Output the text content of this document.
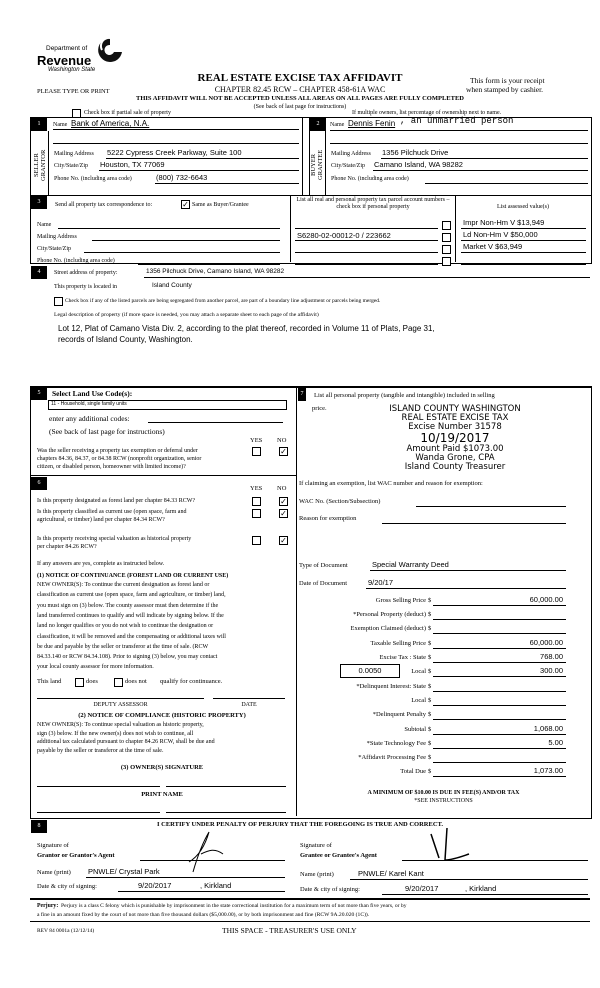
Department of
Revenue
Washington State
REAL ESTATE EXCISE TAX AFFIDAVIT
PLEASE TYPE OR PRINT	CHAPTER 82.45 RCW – CHAPTER 458-61A WAC
This form is your receipt
when stamped by cashier.
THIS AFFIDAVIT WILL NOT BE ACCEPTED UNLESS ALL AREAS ON ALL PAGES ARE FULLY COMPLETED
(See back of last page for instructions)
Check box if partial sale of property	If multiple owners, list percentage of ownership next to name.
1
SELLER GRANTOR
Name Bank of America, N.A.
Mailing Address 5222 Cypress Creek Parkway, Suite 100
City/State/Zip Houston, TX 77069
Phone No. (including area code)	(800) 732-6643
2
BUYER GRANTEE
Name Dennis Fenin , an unmarried person
Mailing Address 1356 Pilchuck Drive
City/State/Zip Camano Island, WA 98282
Phone No. (including area code)
3	Send all property tax correspondence to:	✓ Same as Buyer/Grantee
Name
Mailing Address
City/State/Zip
Phone No. (including area code)
List all real and personal property tax parcel account numbers – check box if personal property
S6280-02-00012-0 / 223662
List assessed value(s)
Impr Non-Hm V $13,949
Ld Non-Hm V $50,000
Market V $63,949
4	Street address of property:	1356 Pilchuck Drive, Camano Island, WA 98282
This property is located in	Island County
Check box if any of the listed parcels are being segregated from another parcel, are part of a boundary line adjustment or parcels being merged.
Legal description of property (if more space is needed, you may attach a separate sheet to each page of the affidavit)
Lot 12, Plat of Camano Vista Div. 2, according to the plat thereof, recorded in Volume 11 of Plats, Page 31,
records of Island County, Washington.
5	Select Land Use Code(s):
11 - Household, single family units
enter any additional codes:
(See back of last page for instructions)
YES NO
Was the seller receiving a property tax exemption or deferral under
chapters 84.36, 84.37, or 84.38 RCW (nonprofit organization, senior
citizen, or disabled person, homeowner with limited income)?
✓
6
YES NO
Is this property designated as forest land per chapter 84.33 RCW?	✓
Is this property classified as current use (open space, farm and
agricultural, or timber) land per chapter 84.34 RCW?
✓
Is this property receiving special valuation as historical property
per chapter 84.26 RCW?
✓
If any answers are yes, complete as instructed below.
(1) NOTICE OF CONTINUANCE (FOREST LAND OR CURRENT USE)
NEW OWNER(S): To continue the current designation as forest land or
classification as current use (open space, farm and agriculture, or timber) land,
you must sign on (3) below. The county assessor must then determine if the
land transferred continues to qualify and will indicate by signing below. If the
land no longer qualifies or you do not wish to continue the designation or
classification, it will be removed and the compensating or additional taxes will
be due and payable by the seller or transferor at the time of sale. (RCW
84.33.140 or RCW 84.34.108). Prior to signing (3) below, you may contact
your local county assessor for more information.
This land	does	does not qualify for continuance.
DEPUTY ASSESSOR	DATE
(2) NOTICE OF COMPLIANCE (HISTORIC PROPERTY)
NEW OWNER(S): To continue special valuation as historic property,
sign (3) below. If the new owner(s) does not wish to continue, all
additional tax calculated pursuant to chapter 84.26 RCW, shall be due and
payable by the seller or transferor at the time of sale.
(3) OWNER(S) SIGNATURE
PRINT NAME
7	List all personal property (tangible and intangible) included in selling
price.	ISLAND COUNTY WASHINGTON
REAL ESTATE EXCISE TAX
Excise Number 31578
10/19/2017
Amount Paid $1073.00
Wanda Grone, CPA
Island County Treasurer
If claiming an exemption, list WAC number and reason for exemption:
WAC No. (Section/Subsection)
Reason for exemption
Type of Document	Special Warranty Deed
Date of Document	9/20/17
0.0050
Gross Selling Price $	60,000.00
*Personal Property (deduct) $
Exemption Claimed (deduct) $
Taxable Selling Price $	60,000.00
Excise Tax : State $	768.00
Local $	300.00
*Delinquent Interest: State $
Local $
*Delinquent Penalty $
Subtotal $	1,068.00
*State Technology Fee $	5.00
*Affidavit Processing Fee $
Total Due $	1,073.00
A MINIMUM OF $10.00 IS DUE IN FEE(S) AND/OR TAX
*SEE INSTRUCTIONS
8	I CERTIFY UNDER PENALTY OF PERJURY THAT THE FOREGOING IS TRUE AND CORRECT.
Signature of
Grantor or Grantor's Agent
Name (print) PNWLE/ Crystal Park
Date & city of signing:	9/20/2017	, Kirkland
Signature of
Grantee or Grantee's Agent
Name (print)	PNWLE/ Karel Kant
Date & city of signing:	9/20/2017	, Kirkland
Perjury: Perjury is a class C felony which is punishable by imprisonment in the state correctional institution for a maximum term of not more than five years, or by
a fine in an amount fixed by the court of not more than five thousand dollars ($5,000.00), or by both imprisonment and fine (RCW 9A.20.020 (1C)).
REV 84 0001a (12/12/14)	THIS SPACE - TREASURER'S USE ONLY
